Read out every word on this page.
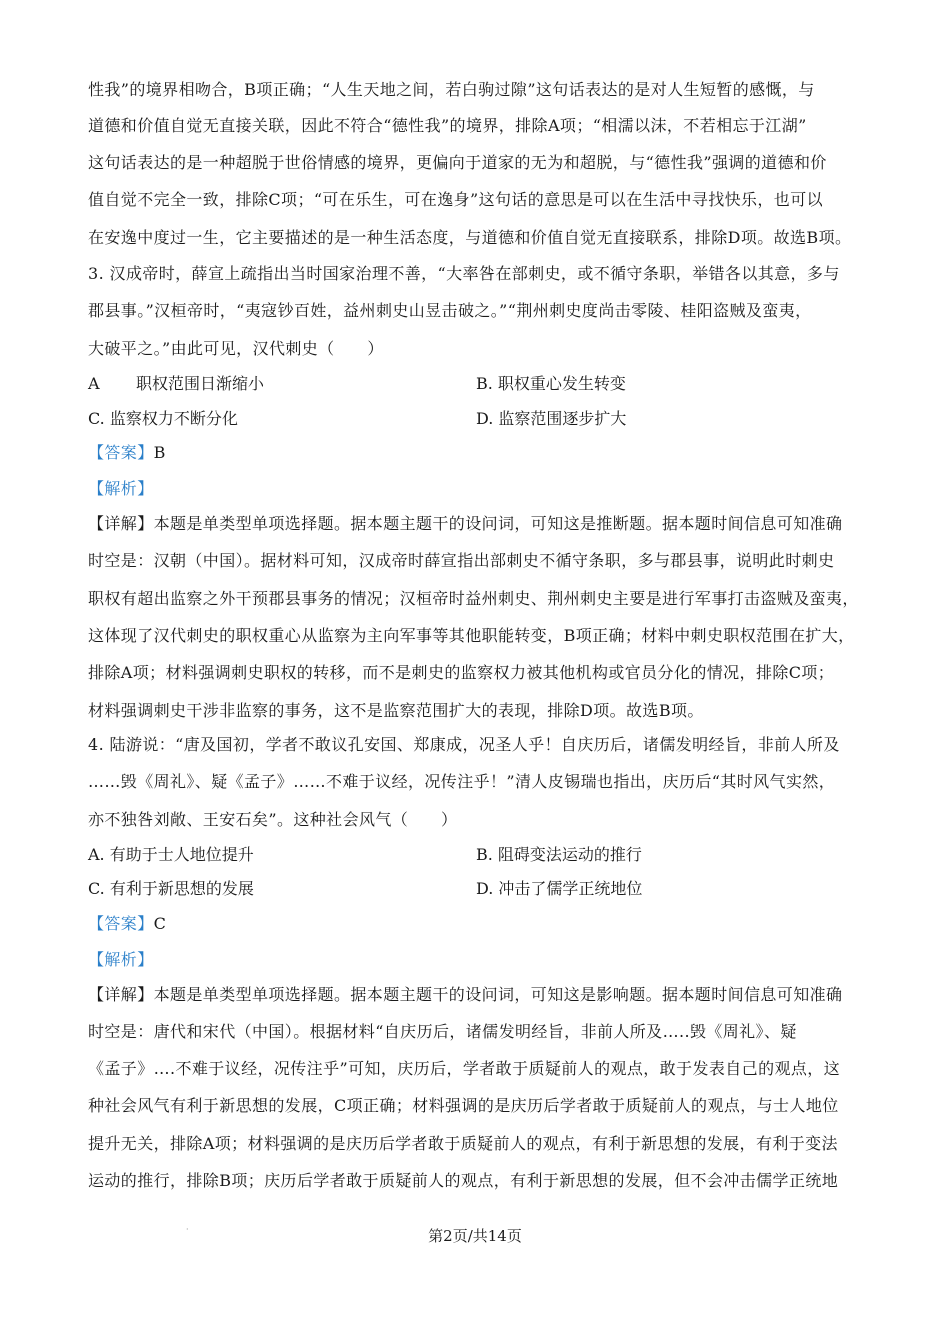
性我”的境界相吻合，B项正确；“人生天地之间，若白驹过隙”这句话表达的是对人生短暂的感慨，与
道德和价值自觉无直接关联，因此不符合“德性我”的境界，排除A项；“相濡以沫，不若相忘于江湖”
这句话表达的是一种超脱于世俗情感的境界，更偏向于道家的无为和超脱，与“德性我”强调的道德和价
值自觉不完全一致，排除C项；“可在乐生，可在逸身”这句话的意思是可以在生活中寻找快乐，也可以
在安逸中度过一生，它主要描述的是一种生活态度，与道德和价值自觉无直接联系，排除D项。故选B项。
3. 汉成帝时，薛宣上疏指出当时国家治理不善，“大率咎在部刺史，或不循守条职，举错各以其意，多与
郡县事。”汉桓帝时，“夷寇钞百姓，益州刺史山昱击破之。”“荆州刺史度尚击零陵、桂阳盗贼及蛮夷，
大破平之。”由此可见，汉代刺史（　　）
A 职权范围日渐缩小	B. 职权重心发生转变
C. 监察权力不断分化	D. 监察范围逐步扩大
【答案】B
【解析】
【详解】本题是单类型单项选择题。据本题主题干的设问词，可知这是推断题。据本题时间信息可知准确
时空是：汉朝（中国）。据材料可知，汉成帝时薛宣指出部刺史不循守条职，多与郡县事，说明此时刺史
职权有超出监察之外干预郡县事务的情况；汉桓帝时益州刺史、荆州刺史主要是进行军事打击盗贼及蛮夷，
这体现了汉代刺史的职权重心从监察为主向军事等其他职能转变，B项正确；材料中刺史职权范围在扩大，
排除A项；材料强调刺史职权的转移，而不是刺史的监察权力被其他机构或官员分化的情况，排除C项；
材料强调刺史干涉非监察的事务，这不是监察范围扩大的表现，排除D项。故选B项。
4. 陆游说：“唐及国初，学者不敢议孔安国、郑康成，况圣人乎！自庆历后，诸儒发明经旨，非前人所及
……毁《周礼》、疑《孟子》……不难于议经，况传注乎！”清人皮锡瑞也指出，庆历后“其时风气实然，
亦不独咎刘敞、王安石矣”。这种社会风气（　　）
A. 有助于士人地位提升	B. 阻碍变法运动的推行
C. 有利于新思想的发展	D. 冲击了儒学正统地位
【答案】C
【解析】
【详解】本题是单类型单项选择题。据本题主题干的设问词，可知这是影响题。据本题时间信息可知准确
时空是：唐代和宋代（中国）。根据材料“自庆历后，诸儒发明经旨，非前人所及…..毁《周礼》、疑
《孟子》….不难于议经，况传注乎”可知，庆历后，学者敢于质疑前人的观点，敢于发表自己的观点，这
种社会风气有利于新思想的发展，C项正确；材料强调的是庆历后学者敢于质疑前人的观点，与士人地位
提升无关，排除A项；材料强调的是庆历后学者敢于质疑前人的观点，有利于新思想的发展，有利于变法
运动的推行，排除B项；庆历后学者敢于质疑前人的观点，有利于新思想的发展，但不会冲击儒学正统地
·	第2页/共14页
